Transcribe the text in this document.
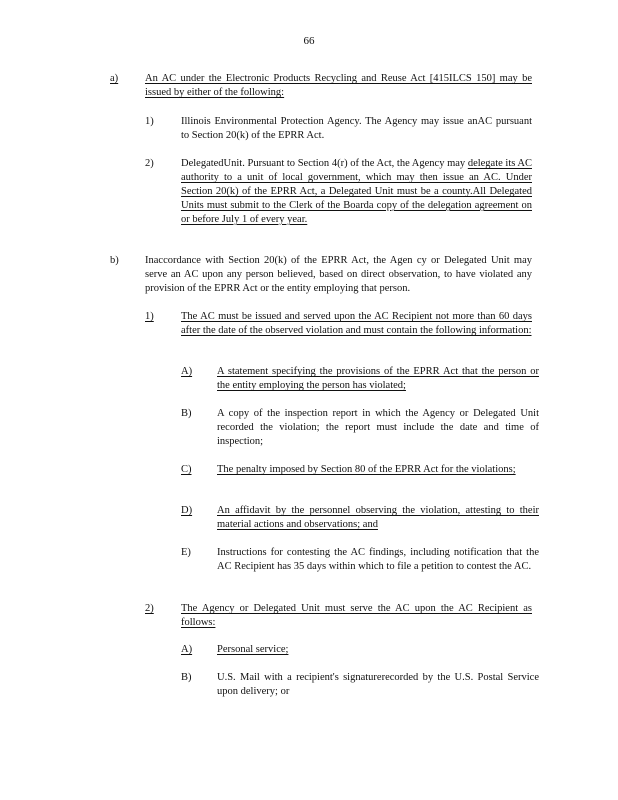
66
a)	An AC under the Electronic Products Recycling and Reuse Act [415ILCS 150] may be issued by either of the following:
1)	Illinois Environmental Protection Agency. The Agency may issue anAC pursuant to Section 20(k) of the EPRR Act.
2)	DelegatedUnit. Pursuant to Section 4(r) of the Act, the Agency may delegate its AC authority to a unit of local government, which may then issue an AC. Under Section 20(k) of the EPRR Act, a Delegated Unit must be a county.All Delegated Units must submit to the Clerk of the Boarda copy of the delegation agreement on or before July 1 of every year.
b)	Inaccordance with Section 20(k) of the EPRR Act, the Agen cy or Delegated Unit may serve an AC upon any person believed, based on direct observation, to have violated any provision of the EPRR Act or the entity employing that person.
1)	The AC must be issued and served upon the AC Recipient not more than 60 days after the date of the observed violation and must contain the following information:
A)	A statement specifying the provisions of the EPRR Act that the person or the entity employing the person has violated;
B)	A copy of the inspection report in which the Agency or Delegated Unit recorded the violation; the report must include the date and time of inspection;
C)	The penalty imposed by Section 80 of the EPRR Act for the violations;
D)	An affidavit by the personnel observing the violation, attesting to their material actions and observations; and
E)	Instructions for contesting the AC findings, including notification that the AC Recipient has 35 days within which to file a petition to contest the AC.
2)	The Agency or Delegated Unit must serve the AC upon the AC Recipient as follows:
A)	Personal service;
B)	U.S. Mail with a recipient's signaturerecorded by the U.S. Postal Service upon delivery; or
